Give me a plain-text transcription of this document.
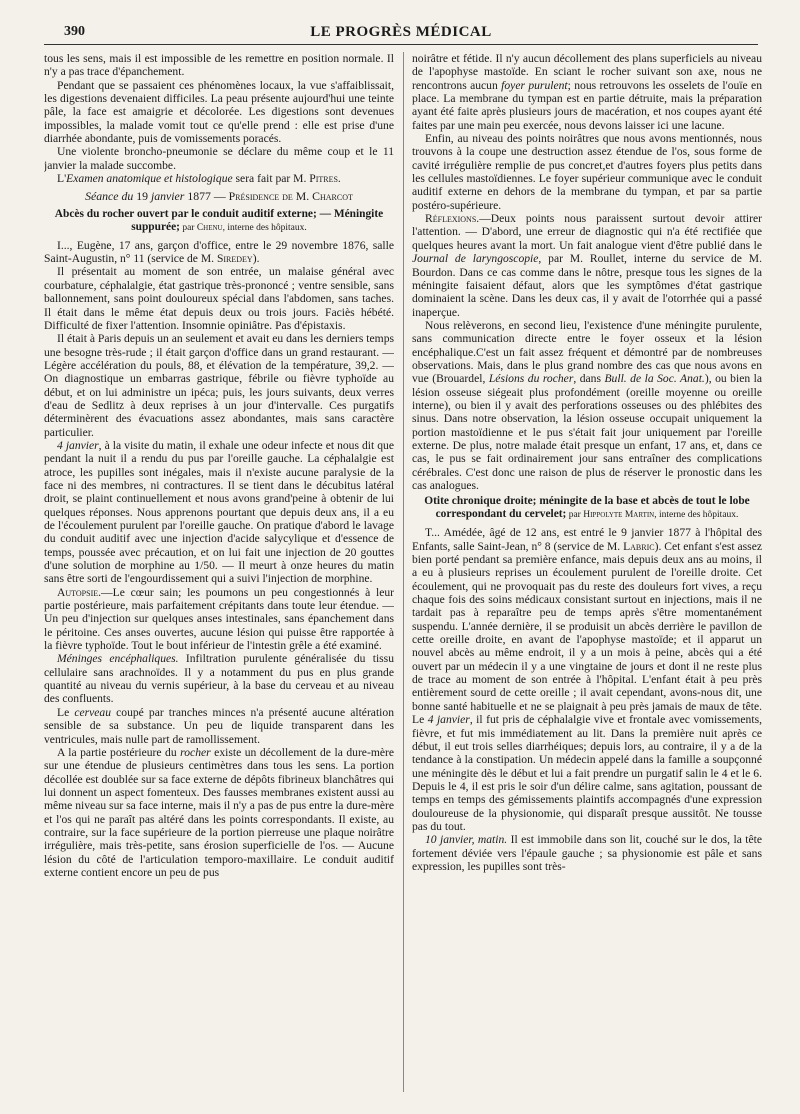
390	LE PROGRÈS MÉDICAL

tous les sens, mais il est impossible de les remettre en position normale. Il n'y a pas trace d'épanchement.

Pendant que se passaient ces phénomènes locaux, la vue s'affaiblissait, les digestions devenaient difficiles. La peau présente aujourd'hui une teinte pâle, la face est amaigrie et décolorée. Les digestions sont devenues impossibles, la malade vomit tout ce qu'elle prend : elle est prise d'une diarrhée abondante, puis de vomissements poracés.

Une violente broncho-pneumonie se déclare du même coup et le 11 janvier la malade succombe.

L'Examen anatomique et histologique sera fait par M. Pitres.

Séance du 19 janvier 1877 — Présidence de M. Charcot
Abcès du rocher ouvert par le conduit auditif externe; — Méningite suppurée; par Chenu, interne des hôpitaux.

I..., Eugène, 17 ans, garçon d'office, entre le 29 novembre 1876, salle Saint-Augustin, n° 11 (service de M. Siredey).

Il présentait au moment de son entrée, un malaise général avec courbature, céphalalgie, état gastrique très-prononcé ; ventre sensible, sans ballonnement, sans point douloureux spécial dans l'abdomen, sans taches. Il était dans le même état depuis deux ou trois jours. Faciès hébété. Difficulté de fixer l'attention. Insomnie opiniâtre. Pas d'épistaxis.

Il était à Paris depuis un an seulement et avait eu dans les derniers temps une besogne très-rude ; il était garçon d'office dans un grand restaurant. — Légère accélération du pouls, 88, et élévation de la température, 39,2. — On diagnostique un embarras gastrique, fébrile ou fièvre typhoïde au début, et on lui administre un ipéca; puis, les jours suivants, deux verres d'eau de Sedlitz à deux reprises à un jour d'intervalle. Ces purgatifs déterminèrent des évacuations assez abondantes, mais sans caractère particulier.

4 janvier, à la visite du matin, il exhale une odeur infecte et nous dit que pendant la nuit il a rendu du pus par l'oreille gauche. La céphalalgie est atroce, les pupilles sont inégales, mais il n'existe aucune paralysie de la face ni des membres, ni contractures. Il se tient dans le décubitus latéral droit, se plaint continuellement et nous avons grand'peine à obtenir de lui quelques réponses. Nous apprenons pourtant que depuis deux ans, il a eu de l'écoulement purulent par l'oreille gauche. On pratique d'abord le lavage du conduit auditif avec une injection d'acide salycylique et d'essence de temps, poussée avec précaution, et on lui fait une injection de 20 gouttes d'une solution de morphine au 1/50. — Il meurt à onze heures du matin sans être sorti de l'engourdissement qui a suivi l'injection de morphine.

Autopsie.—Le cœur sain; les poumons un peu congestionnés à leur partie postérieure, mais parfaitement crépitants dans toute leur étendue. — Un peu d'injection sur quelques anses intestinales, sans épanchement dans le péritoine. Ces anses ouvertes, aucune lésion qui puisse être rapportée à la fièvre typhoïde. Tout le bout inférieur de l'intestin grêle a été examiné.

Méninges encéphaliques. Infiltration purulente généralisée du tissu cellulaire sans arachnoïdes. Il y a notamment du pus en plus grande quantité au niveau du vernis supérieur, à la base du cerveau et au niveau des confluents.

Le cerveau coupé par tranches minces n'a présenté aucune altération sensible de sa substance. Un peu de liquide transparent dans les ventricules, mais nulle part de ramollissement.

A la partie postérieure du rocher existe un décollement de la dure-mère sur une étendue de plusieurs centimètres dans tous les sens. La portion décollée est doublée sur sa face externe de dépôts fibrineux blanchâtres qui lui donnent un aspect fomenteux. Des fausses membranes existent aussi au même niveau sur sa face interne, mais il n'y a pas de pus entre la dure-mère et l'os qui ne paraît pas altéré dans les points correspondants. Il existe, au contraire, sur la face supérieure de la portion pierreuse une plaque noirâtre irrégulière, mais très-petite, sans érosion superficielle de l'os. — Aucune lésion du côté de l'articulation temporo-maxillaire. Le conduit auditif externe contient encore un peu de pus

noirâtre et fétide. Il n'y aucun décollement des plans superficiels au niveau de l'apophyse mastoïde. En sciant le rocher suivant son axe, nous ne rencontrons aucun foyer purulent; nous retrouvons les osselets de l'ouïe en place. La membrane du tympan est en partie détruite, mais la préparation ayant été faite après plusieurs jours de macération, et nos coupes ayant été faites par une main peu exercée, nous devons laisser ici une lacune.

Enfin, au niveau des points noirâtres que nous avons mentionnés, nous trouvons à la coupe une destruction assez étendue de l'os, sous forme de cavité irrégulière remplie de pus concret,et d'autres foyers plus petits dans les cellules mastoïdiennes. Le foyer supérieur communique avec le conduit auditif externe en dehors de la membrane du tympan, et par sa partie postéro-supérieure.

Réflexions.—Deux points nous paraissent surtout devoir attirer l'attention. — D'abord, une erreur de diagnostic qui n'a été rectifiée que quelques heures avant la mort. Un fait analogue vient d'être publié dans le Journal de laryngoscopie, par M. Roullet, interne du service de M. Bourdon. Dans ce cas comme dans le nôtre, presque tous les signes de la méningite faisaient défaut, alors que les symptômes d'état gastrique dominaient la scène. Dans les deux cas, il y avait de l'otorrhée qui a passé inaperçue.

Nous relèverons, en second lieu, l'existence d'une méningite purulente, sans communication directe entre le foyer osseux et la lésion encéphalique.C'est un fait assez fréquent et démontré par de nombreuses observations. Mais, dans le plus grand nombre des cas que nous avons en vue (Brouardel, Lésions du rocher, dans Bull. de la Soc. Anat.), ou bien la lésion osseuse siégeait plus profondément (oreille moyenne ou oreille interne), ou bien il y avait des perforations osseuses ou des phlébites des sinus. Dans notre observation, la lésion osseuse occupait uniquement la portion mastoïdienne et le pus s'était fait jour uniquement par l'oreille externe. De plus, notre malade était presque un enfant, 17 ans, et, dans ce cas, le pus se fait ordinairement jour sans entraîner des complications cérébrales. C'est donc une raison de plus de réserver le pronostic dans les cas analogues.

Otite chronique droite; méningite de la base et abcès de tout le lobe correspondant du cervelet; par Hippolyte Martin, interne des hôpitaux.

T... Amédée, âgé de 12 ans, est entré le 9 janvier 1877 à l'hôpital des Enfants, salle Saint-Jean, n° 8 (service de M. Labric). Cet enfant s'est assez bien porté pendant sa première enfance, mais depuis deux ans au moins, il a eu à plusieurs reprises un écoulement purulent de l'oreille droite. Cet écoulement, qui ne provoquait pas du reste des douleurs fort vives, a reçu chaque fois des soins médicaux consistant surtout en injections, mais il ne tardait pas à reparaître peu de temps après s'être momentanément suspendu. L'année dernière, il se produisit un abcès derrière le pavillon de cette oreille droite, en avant de l'apophyse mastoïde; et il apparut un nouvel abcès au même endroit, il y a un mois à peine, abcès qui a été ouvert par un médecin il y a une vingtaine de jours et dont il ne reste plus de trace au moment de son entrée à l'hôpital. L'enfant était à peu près entièrement sourd de cette oreille ; il avait cependant, avons-nous dit, une bonne santé habituelle et ne se plaignait à peu près jamais de maux de tête. Le 4 janvier, il fut pris de céphalalgie vive et frontale avec vomissements, fièvre, et fut mis immédiatement au lit. Dans la première nuit après ce début, il eut trois selles diarrhéiques; depuis lors, au contraire, il y a de la tendance à la constipation. Un médecin appelé dans la famille a soupçonné une méningite dès le début et lui a fait prendre un purgatif salin le 4 et le 6. Depuis le 4, il est pris le soir d'un délire calme, sans agitation, poussant de temps en temps des gémissements plaintifs accompagnés d'une expression douloureuse de la physionomie, qui disparaît presque aussitôt. Ne tousse pas du tout.

10 janvier, matin. Il est immobile dans son lit, couché sur le dos, la tête fortement déviée vers l'épaule gauche ; sa physionomie est pâle et sans expression, les pupilles sont très-
